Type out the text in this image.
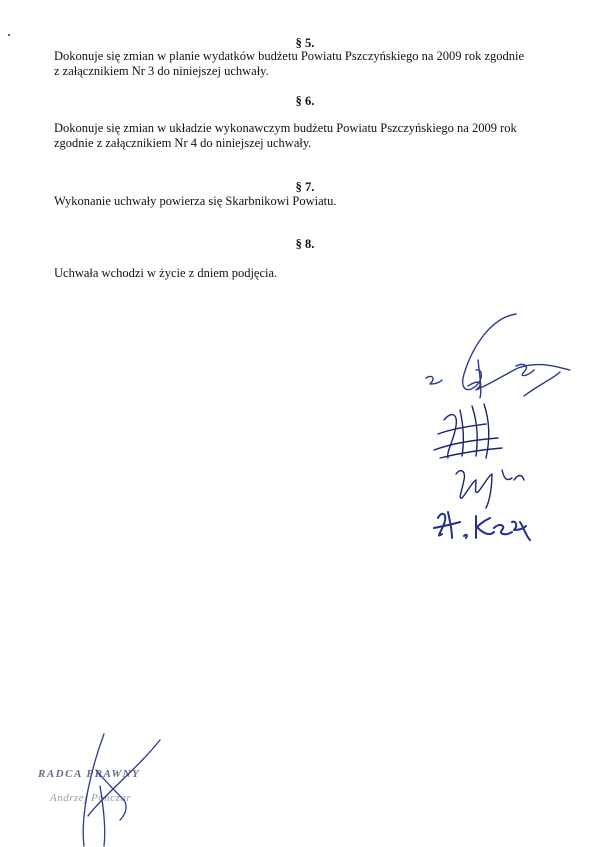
§ 5.
Dokonuje się zmian w planie wydatków budżetu Powiatu Pszczyńskiego na 2009 rok zgodnie
z załącznikiem Nr 3 do niniejszej uchwały.
§ 6.
Dokonuje się zmian w układzie wykonawczym budżetu Powiatu Pszczyńskiego na 2009 rok
zgodnie z załącznikiem Nr 4 do niniejszej uchwały.
§ 7.
Wykonanie uchwały powierza się Skarbnikowi Powiatu.
§ 8.
Uchwała wchodzi w życie z dniem podjęcia.
RADCA PRAWNY
Andrzej Pończar
